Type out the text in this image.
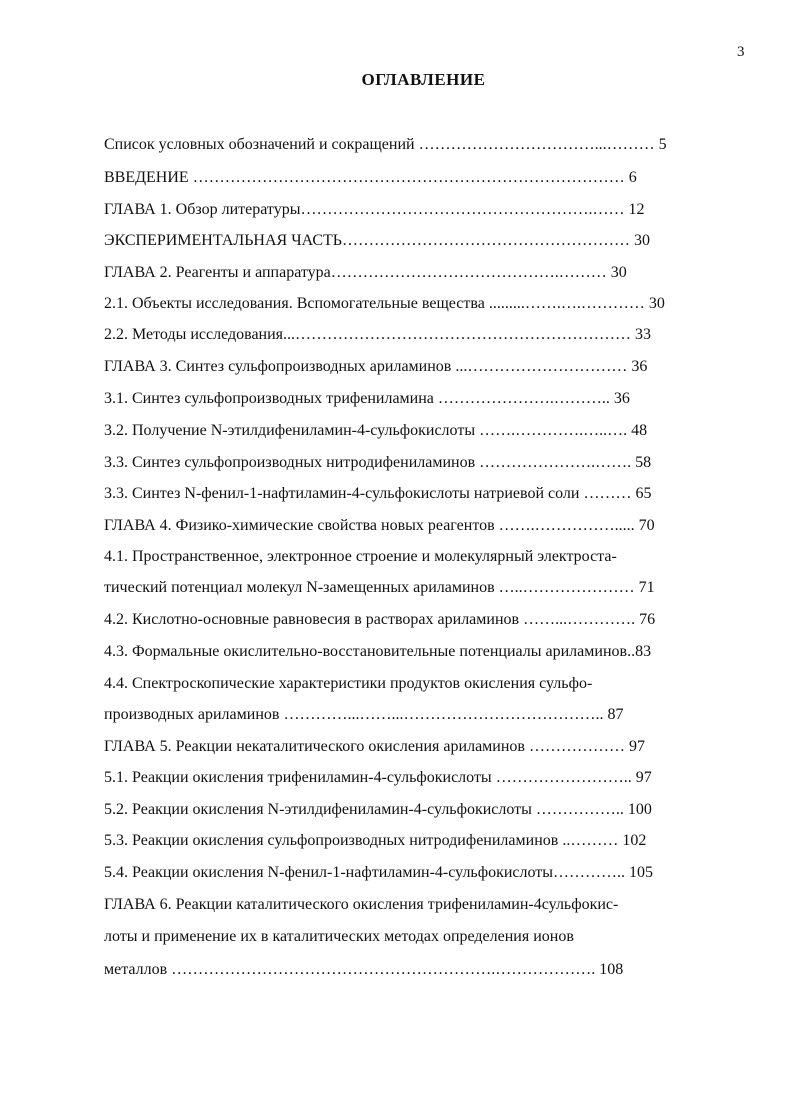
3
ОГЛАВЛЕНИЕ
Список условных обозначений и сокращений ……………………………...……… 5
ВВЕДЕНИЕ ……………………………………………………………………… 6
ГЛАВА 1. Обзор литературы……………………………………………….…… 12
ЭКСПЕРИМЕНТАЛЬНАЯ ЧАСТЬ……………………………………………… 30
ГЛАВА 2. Реагенты и аппаратура…………………………………….……… 30
2.1. Объекты исследования. Вспомогательные вещества .........…….….………… 30
2.2. Методы исследования...……………………………………………………… 33
ГЛАВА 3. Синтез сульфопроизводных ариламинов ...………………………… 36
3.1. Синтез сульфопроизводных трифениламина ………………….……….. 36
3.2. Получение N-этилдифениламин-4-сульфокислоты …….………….…..…. 48
3.3. Синтез сульфопроизводных нитродифениламинов ………………….……. 58
3.3. Синтез N-фенил-1-нафтиламин-4-сульфокислоты натриевой соли ……… 65
ГЛАВА 4. Физико-химические свойства новых реагентов …….……………..... 70
4.1. Пространственное, электронное строение и молекулярный электроста-
тический потенциал молекул N-замещенных ариламинов …..………………… 71
4.2. Кислотно-основные равновесия в растворах ариламинов ……...…………. 76
4.3. Формальные окислительно-восстановительные потенциалы ариламинов..83
4.4. Спектроскопические характеристики продуктов окисления сульфо-
производных ариламинов …………...……...……………………………….. 87
ГЛАВА 5. Реакции некаталитического окисления ариламинов ……………… 97
5.1. Реакции окисления трифениламин-4-сульфокислоты …………………….. 97
5.2. Реакции окисления N-этилдифениламин-4-сульфокислоты …………….. 100
5.3. Реакции окисления сульфопроизводных нитродифениламинов ..……… 102
5.4. Реакции окисления N-фенил-1-нафтиламин-4-сульфокислоты………….. 105
ГЛАВА 6. Реакции каталитического окисления трифениламин-4сульфокис-
лоты и применение их в каталитических методах определения ионов
металлов …………………………………………………….………………. 108
